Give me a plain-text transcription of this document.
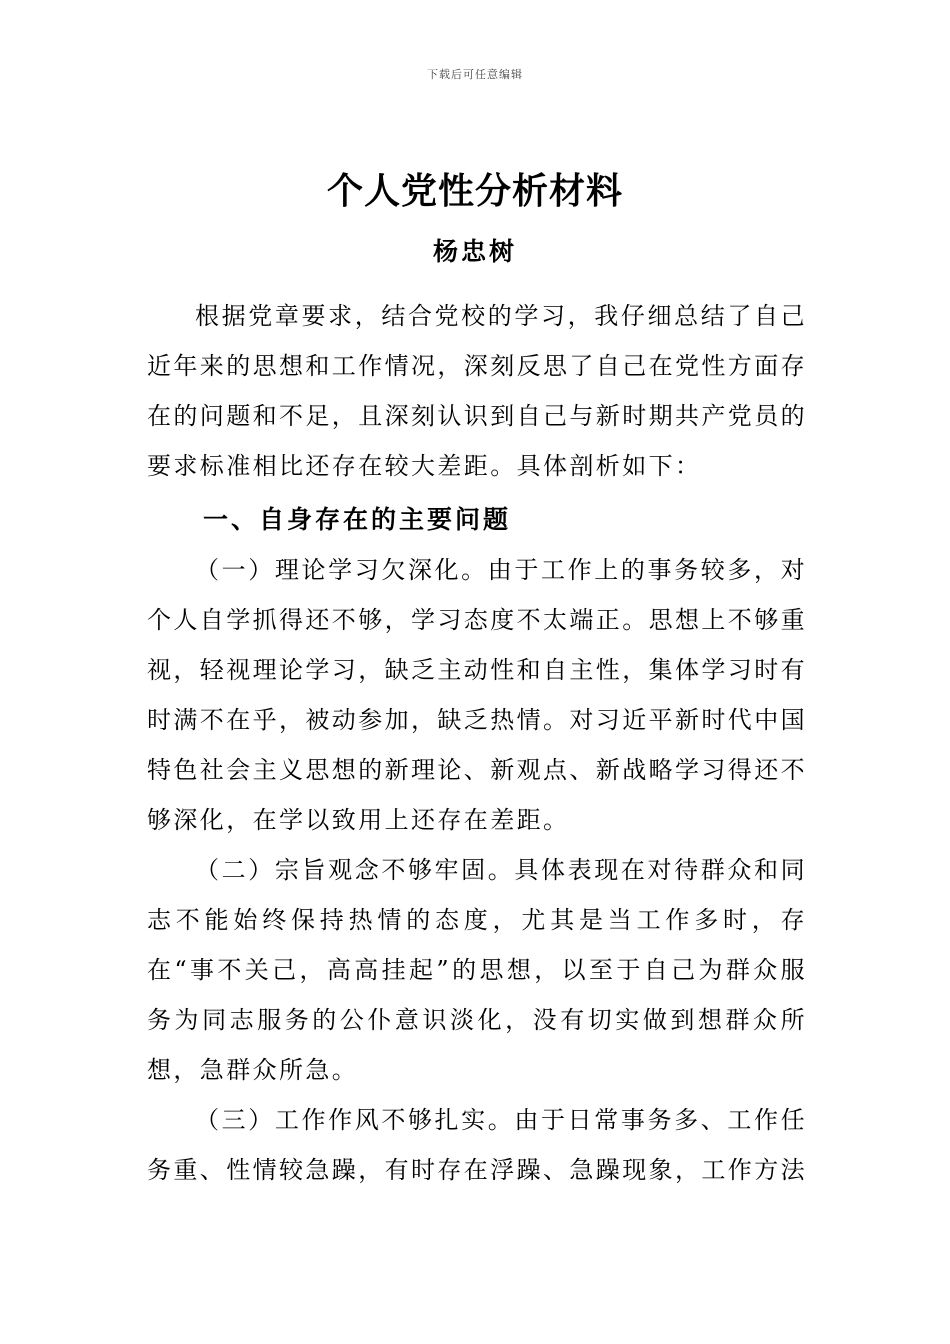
下载后可任意编辑
个人党性分析材料
杨忠树

根据党章要求，结合党校的学习，我仔细总结了自己近年来的思想和工作情况，深刻反思了自己在党性方面存在的问题和不足，且深刻认识到自己与新时期共产党员的要求标准相比还存在较大差距。具体剖析如下：

一、自身存在的主要问题

（一）理论学习欠深化。由于工作上的事务较多，对个人自学抓得还不够，学习态度不太端正。思想上不够重视，轻视理论学习，缺乏主动性和自主性，集体学习时有时满不在乎，被动参加，缺乏热情。对习近平新时代中国特色社会主义思想的新理论、新观点、新战略学习得还不够深化，在学以致用上还存在差距。

（二）宗旨观念不够牢固。具体表现在对待群众和同志不能始终保持热情的态度，尤其是当工作多时，存在“事不关己，高高挂起”的思想，以至于自己为群众服务为同志服务的公仆意识淡化，没有切实做到想群众所想，急群众所急。

（三）工作作风不够扎实。由于日常事务多、工作任务重、性情较急躁，有时存在浮躁、急躁现象，工作方法
